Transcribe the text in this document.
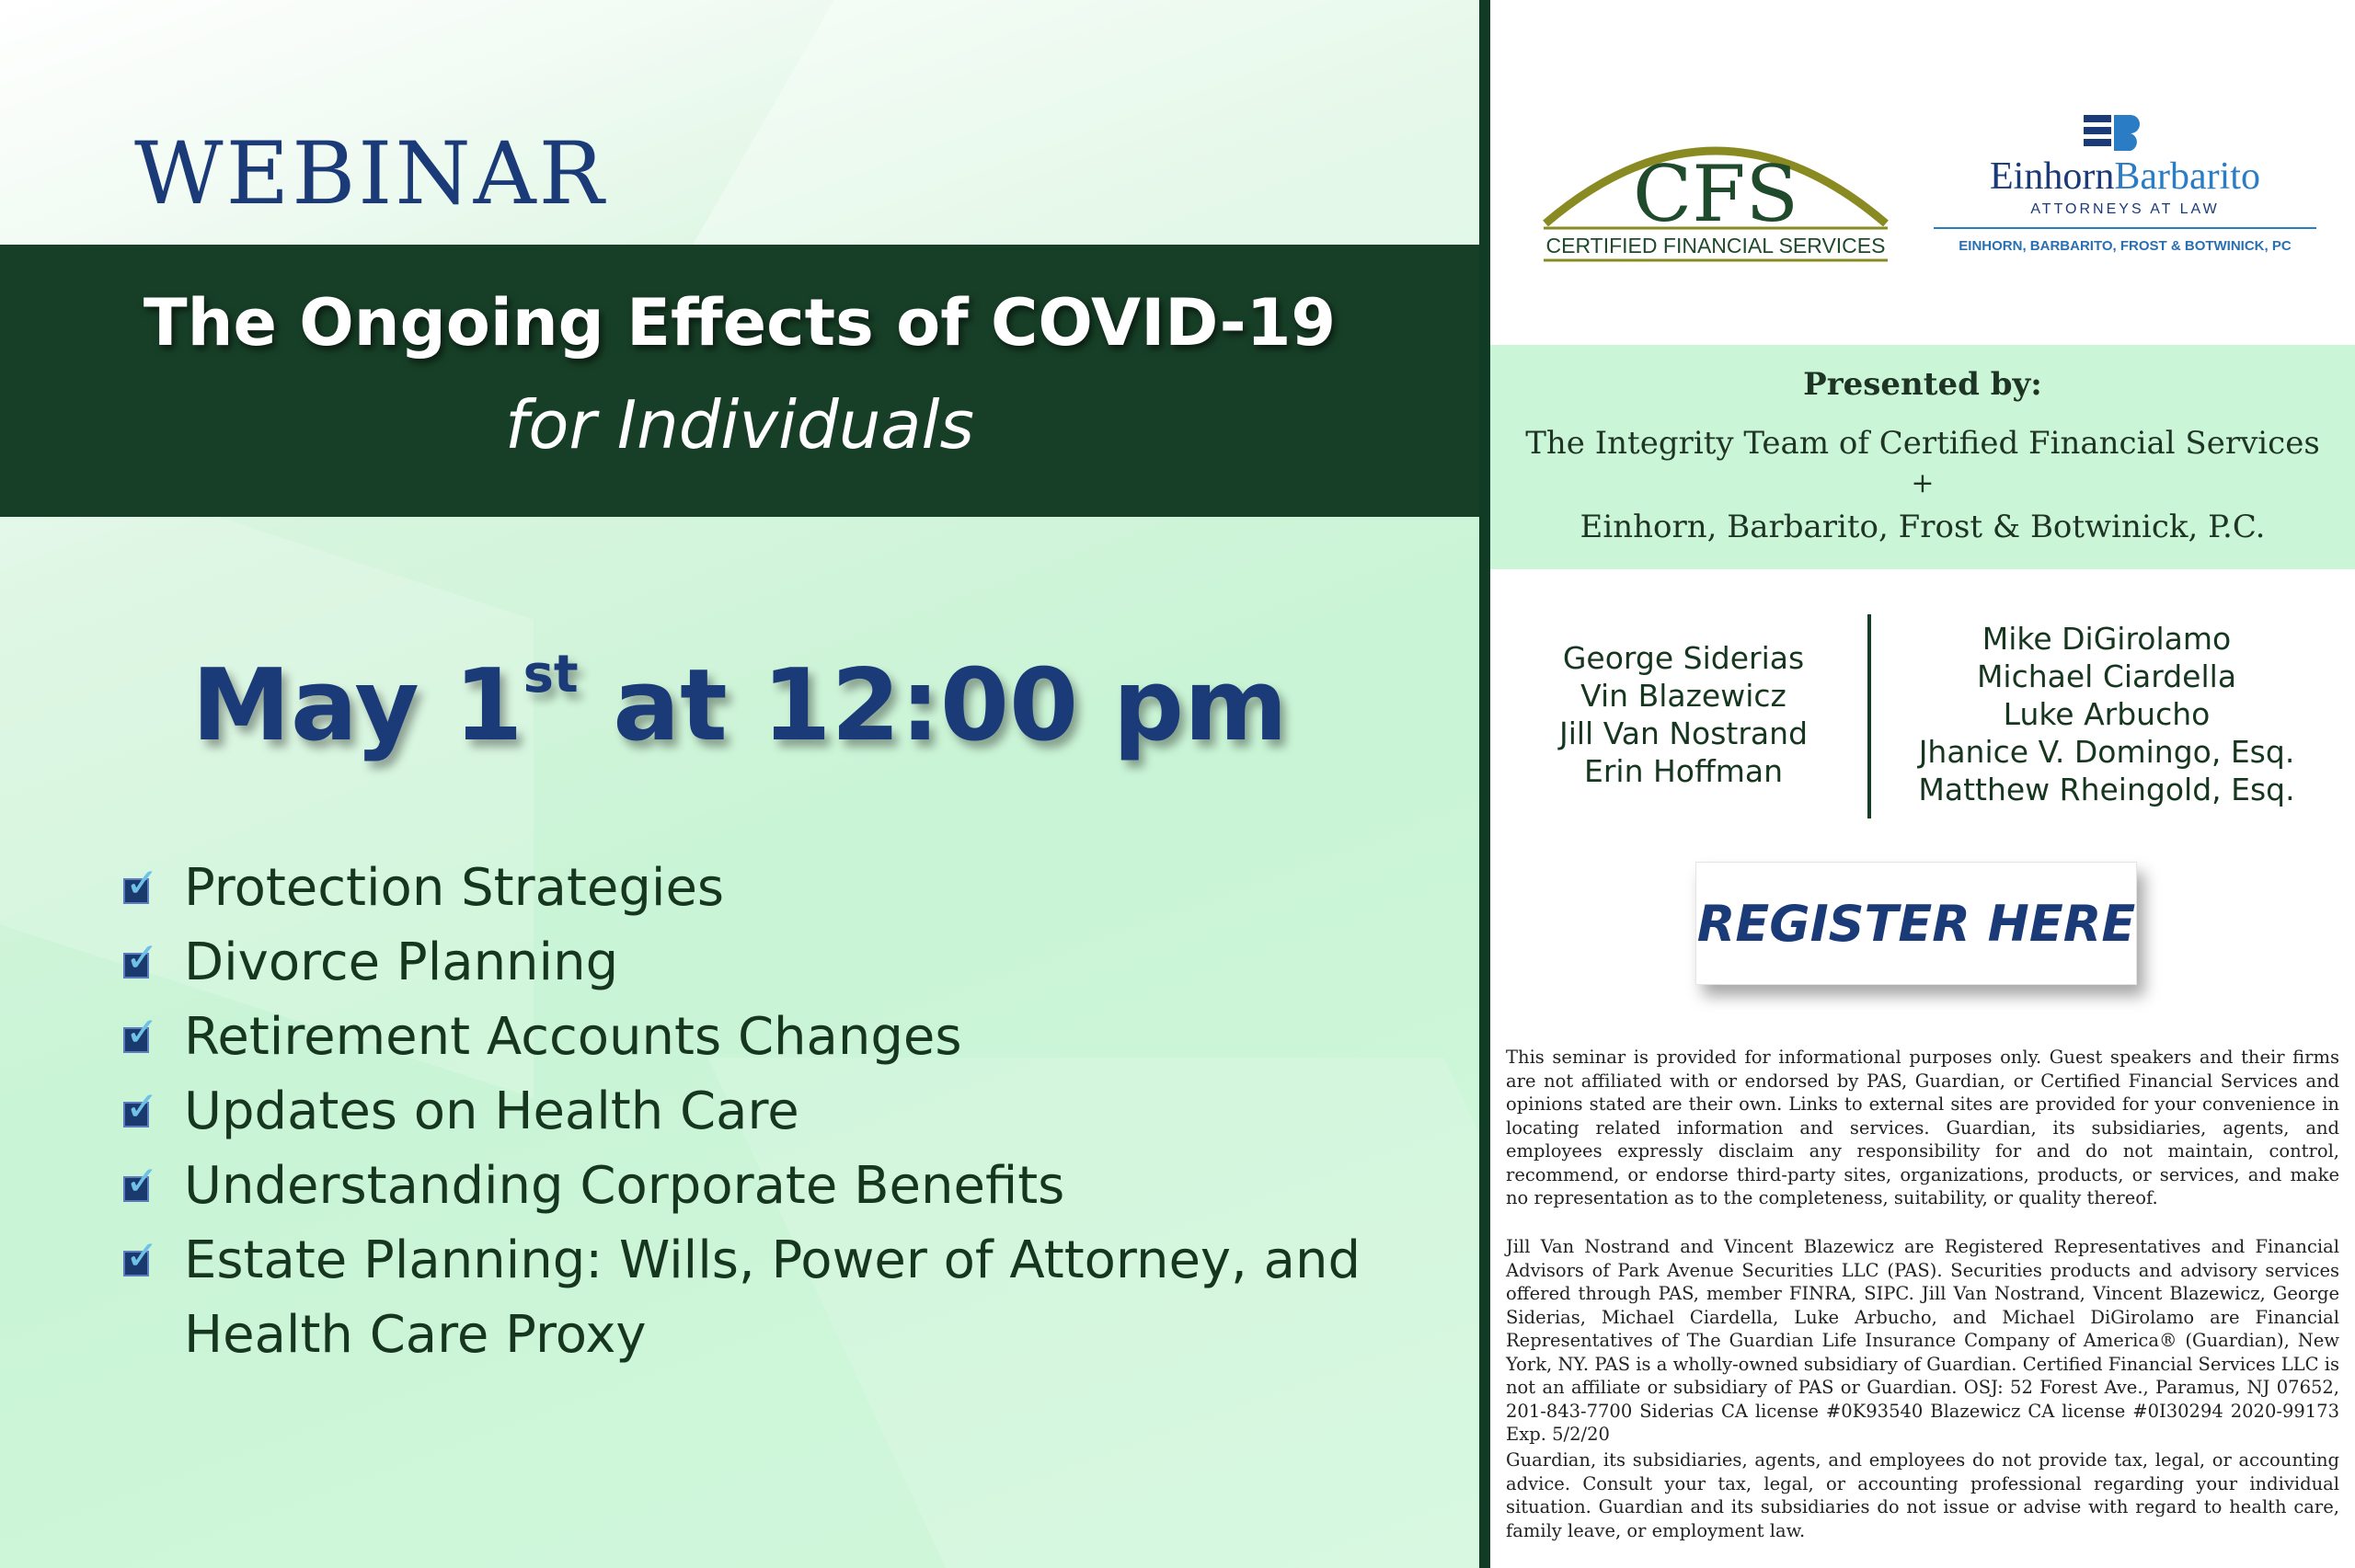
WEBINAR
The Ongoing Effects of COVID-19
for Individuals
May 1st at 12:00 pm
✓ Protection Strategies
✓ Divorce Planning
✓ Retirement Accounts Changes
✓ Updates on Health Care
✓ Understanding Corporate Benefits
✓ Estate Planning: Wills, Power of Attorney, and
Health Care Proxy
CFS
CERTIFIED FINANCIAL SERVICES
EinhornBarbarito
ATTORNEYS AT LAW
EINHORN, BARBARITO, FROST & BOTWINICK, PC
Presented by:
The Integrity Team of Certified Financial Services
+
Einhorn, Barbarito, Frost & Botwinick, P.C.
George Siderias
Vin Blazewicz
Jill Van Nostrand
Erin Hoffman
Mike DiGirolamo
Michael Ciardella
Luke Arbucho
Jhanice V. Domingo, Esq.
Matthew Rheingold, Esq.
REGISTER HERE
This seminar is provided for informational purposes only. Guest speakers and their firms are not affiliated with or endorsed by PAS, Guardian, or Certified Financial Services and opinions stated are their own. Links to external sites are provided for your convenience in locating related information and services. Guardian, its subsidiaries, agents, and employees expressly disclaim any responsibility for and do not maintain, control, recommend, or endorse third-party sites, organizations, products, or services, and make no representation as to the completeness, suitability, or quality thereof.
Jill Van Nostrand and Vincent Blazewicz are Registered Representatives and Financial Advisors of Park Avenue Securities LLC (PAS). Securities products and advisory services offered through PAS, member FINRA, SIPC. Jill Van Nostrand, Vincent Blazewicz, George Siderias, Michael Ciardella, Luke Arbucho, and Michael DiGirolamo are Financial Representatives of The Guardian Life Insurance Company of America® (Guardian), New York, NY. PAS is a wholly-owned subsidiary of Guardian. Certified Financial Services LLC is not an affiliate or subsidiary of PAS or Guardian. OSJ: 52 Forest Ave., Paramus, NJ 07652, 201-843-7700 Siderias CA license #0K93540 Blazewicz CA license #0I30294 2020-99173 Exp. 5/2/20
Guardian, its subsidiaries, agents, and employees do not provide tax, legal, or accounting advice. Consult your tax, legal, or accounting professional regarding your individual situation. Guardian and its subsidiaries do not issue or advise with regard to health care, family leave, or employment law.
